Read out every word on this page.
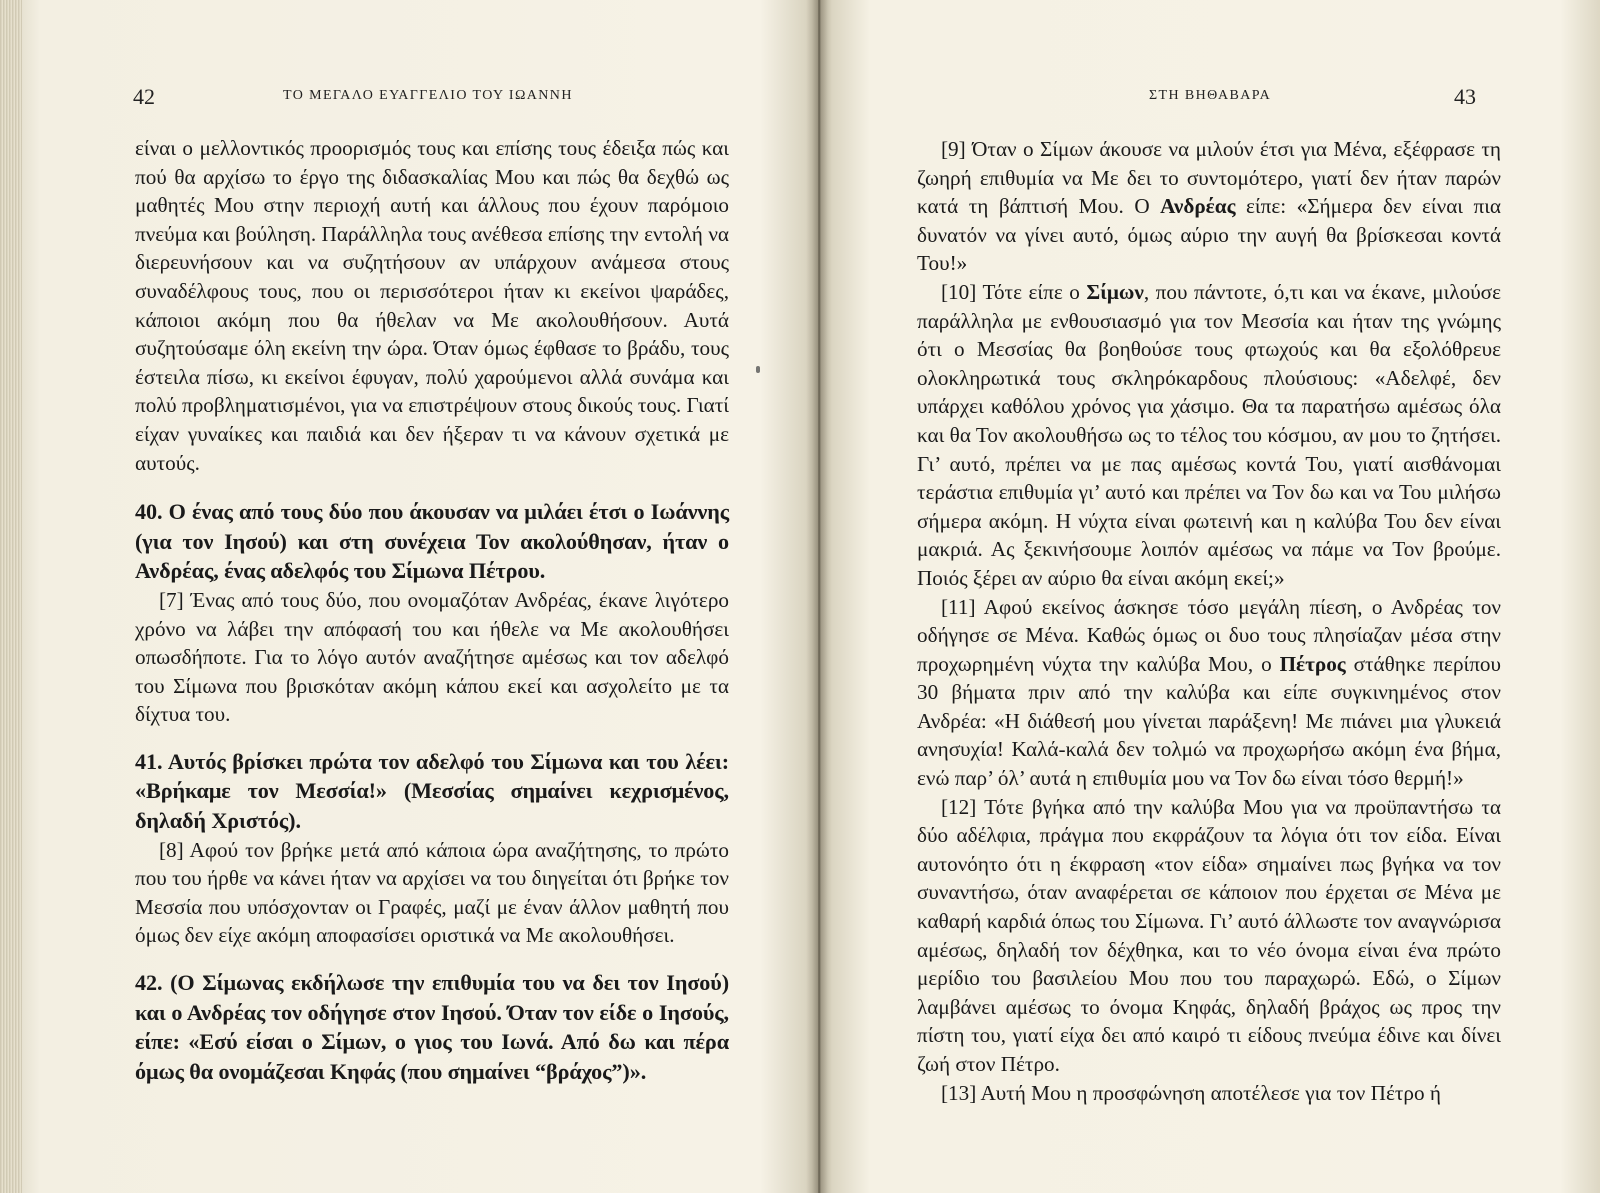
42	ΤΟ ΜΕΓΑΛΟ ΕΥΑΓΓΕΛΙΟ ΤΟΥ ΙΩΑΝΝΗ

είναι ο μελλοντικός προορισμός τους και επίσης τους έδειξα πώς και πού θα αρχίσω το έργο της διδασκαλίας Μου και πώς θα δεχθώ ως μαθητές Μου στην περιοχή αυτή και άλλους που έχουν παρόμοιο πνεύμα και βούληση. Παράλληλα τους ανέθεσα επίσης την εντολή να διερευνήσουν και να συζητήσουν αν υπάρχουν ανάμεσα στους συναδέλφους τους, που οι περισσότεροι ήταν κι εκείνοι ψαράδες, κάποιοι ακόμη που θα ήθελαν να Με ακολουθήσουν. Αυτά συζητούσαμε όλη εκείνη την ώρα. Όταν όμως έφθασε το βράδυ, τους έστειλα πίσω, κι εκείνοι έφυγαν, πολύ χαρούμενοι αλλά συνάμα και πολύ προβληματισμένοι, για να επιστρέψουν στους δικούς τους. Γιατί είχαν γυναίκες και παιδιά και δεν ήξεραν τι να κάνουν σχετικά με αυτούς.

40. Ο ένας από τους δύο που άκουσαν να μιλάει έτσι ο Ιωάννης (για τον Ιησού) και στη συνέχεια Τον ακολούθησαν, ήταν ο Ανδρέας, ένας αδελφός του Σίμωνα Πέτρου.

[7] Ένας από τους δύο, που ονομαζόταν Ανδρέας, έκανε λιγότερο χρόνο να λάβει την απόφασή του και ήθελε να Με ακολουθήσει οπωσδήποτε. Για το λόγο αυτόν αναζήτησε αμέσως και τον αδελφό του Σίμωνα που βρισκόταν ακόμη κάπου εκεί και ασχολείτο με τα δίχτυα του.

41. Αυτός βρίσκει πρώτα τον αδελφό του Σίμωνα και του λέει: «Βρήκαμε τον Μεσσία!» (Μεσσίας σημαίνει κεχρισμένος, δηλαδή Χριστός).

[8] Αφού τον βρήκε μετά από κάποια ώρα αναζήτησης, το πρώτο που του ήρθε να κάνει ήταν να αρχίσει να του διηγείται ότι βρήκε τον Μεσσία που υπόσχονταν οι Γραφές, μαζί με έναν άλλον μαθητή που όμως δεν είχε ακόμη αποφασίσει οριστικά να Με ακολουθήσει.

42. (Ο Σίμωνας εκδήλωσε την επιθυμία του να δει τον Ιησού) και ο Ανδρέας τον οδήγησε στον Ιησού. Όταν τον είδε ο Ιησούς, είπε: «Εσύ είσαι ο Σίμων, ο γιος του Ιωνά. Από δω και πέρα όμως θα ονομάζεσαι Κηφάς (που σημαίνει “βράχος”)».

ΣΤΗ ΒΗΘΑΒΑΡΑ	43

[9] Όταν ο Σίμων άκουσε να μιλούν έτσι για Μένα, εξέφρασε τη ζωηρή επιθυμία να Με δει το συντομότερο, γιατί δεν ήταν παρών κατά τη βάπτισή Μου. Ο Ανδρέας είπε: «Σήμερα δεν είναι πια δυνατόν να γίνει αυτό, όμως αύριο την αυγή θα βρίσκεσαι κοντά Του!»

[10] Τότε είπε ο Σίμων, που πάντοτε, ό,τι και να έκανε, μιλούσε παράλληλα με ενθουσιασμό για τον Μεσσία και ήταν της γνώμης ότι ο Μεσσίας θα βοηθούσε τους φτωχούς και θα εξολόθρευε ολοκληρωτικά τους σκληρόκαρδους πλούσιους: «Αδελφέ, δεν υπάρχει καθόλου χρόνος για χάσιμο. Θα τα παρατήσω αμέσως όλα και θα Τον ακολουθήσω ως το τέλος του κόσμου, αν μου το ζητήσει. Γι’ αυτό, πρέπει να με πας αμέσως κοντά Του, γιατί αισθάνομαι τεράστια επιθυμία γι’ αυτό και πρέπει να Τον δω και να Του μιλήσω σήμερα ακόμη. Η νύχτα είναι φωτεινή και η καλύβα Του δεν είναι μακριά. Ας ξεκινήσουμε λοιπόν αμέσως να πάμε να Τον βρούμε. Ποιός ξέρει αν αύριο θα είναι ακόμη εκεί;»

[11] Αφού εκείνος άσκησε τόσο μεγάλη πίεση, ο Ανδρέας τον οδήγησε σε Μένα. Καθώς όμως οι δυο τους πλησίαζαν μέσα στην προχωρημένη νύχτα την καλύβα Μου, ο Πέτρος στάθηκε περίπου 30 βήματα πριν από την καλύβα και είπε συγκινημένος στον Ανδρέα: «Η διάθεσή μου γίνεται παράξενη! Με πιάνει μια γλυκειά ανησυχία! Καλά-καλά δεν τολμώ να προχωρήσω ακόμη ένα βήμα, ενώ παρ’ όλ’ αυτά η επιθυμία μου να Τον δω είναι τόσο θερμή!»

[12] Τότε βγήκα από την καλύβα Μου για να προϋπαντήσω τα δύο αδέλφια, πράγμα που εκφράζουν τα λόγια ότι τον είδα. Είναι αυτονόητο ότι η έκφραση «τον είδα» σημαίνει πως βγήκα να τον συναντήσω, όταν αναφέρεται σε κάποιον που έρχεται σε Μένα με καθαρή καρδιά όπως του Σίμωνα. Γι’ αυτό άλλωστε τον αναγνώρισα αμέσως, δηλαδή τον δέχθηκα, και το νέο όνομα είναι ένα πρώτο μερίδιο του βασιλείου Μου που του παραχωρώ. Εδώ, ο Σίμων λαμβάνει αμέσως το όνομα Κηφάς, δηλαδή βράχος ως προς την πίστη του, γιατί είχα δει από καιρό τι είδους πνεύμα έδινε και δίνει ζωή στον Πέτρο.

[13] Αυτή Μου η προσφώνηση αποτέλεσε για τον Πέτρο ή
